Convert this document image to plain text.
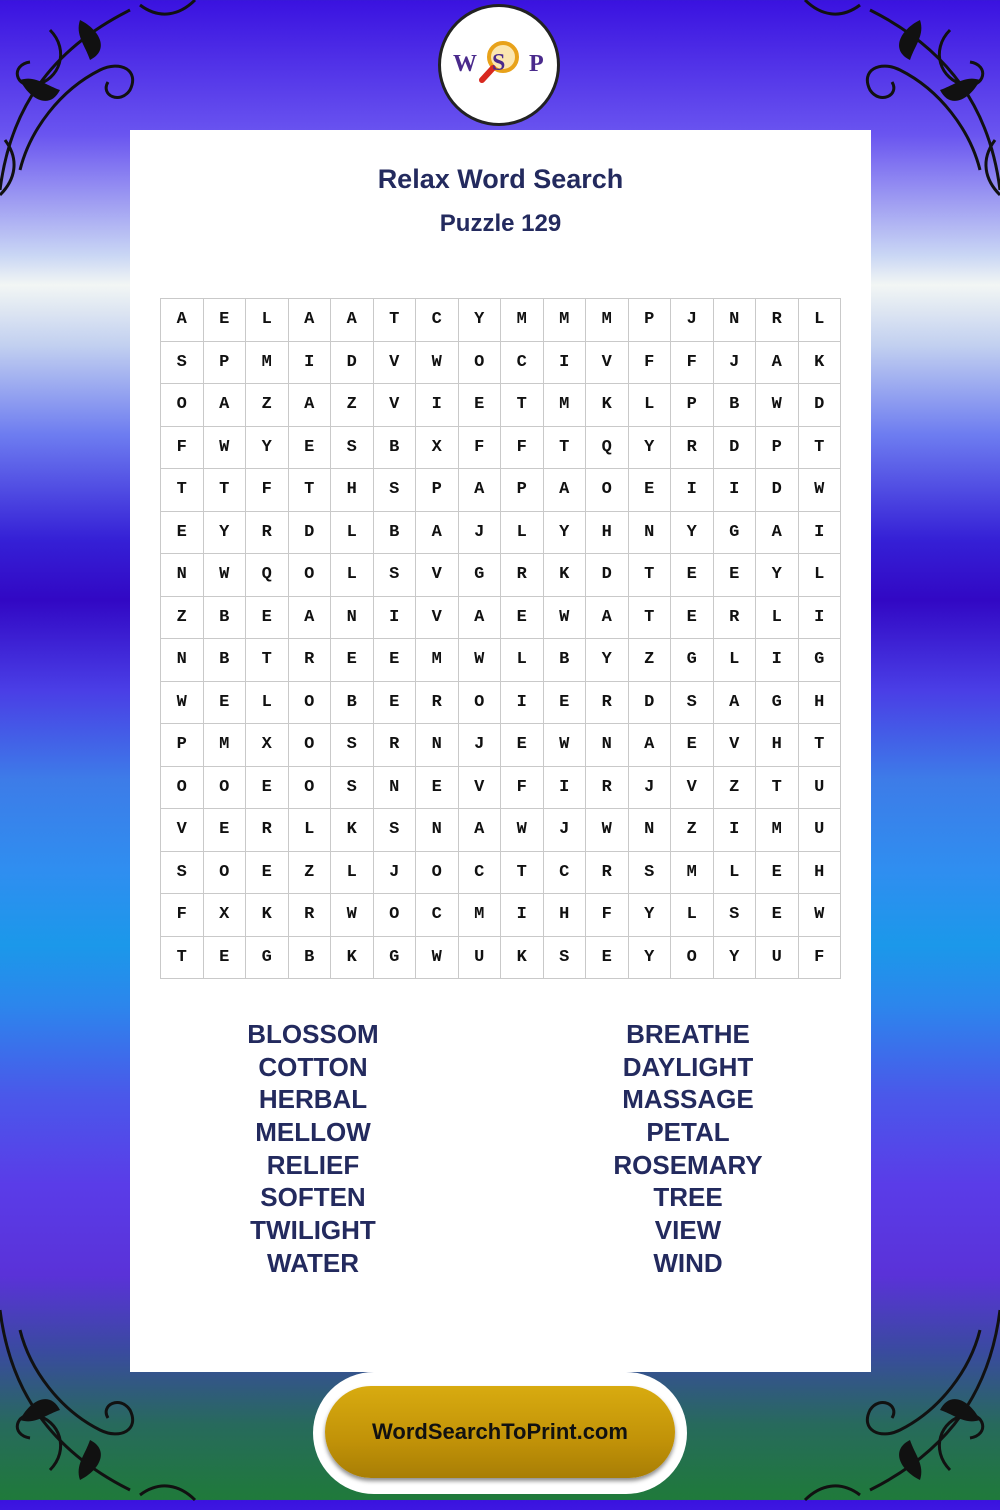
W S P
Relax Word Search
Puzzle 129
A	E	L	A	A	T	C	Y	M	M	M	P	J	N	R	L
S	P	M	I	D	V	W	O	C	I	V	F	F	J	A	K
O	A	Z	A	Z	V	I	E	T	M	K	L	P	B	W	D
F	W	Y	E	S	B	X	F	F	T	Q	Y	R	D	P	T
T	T	F	T	H	S	P	A	P	A	O	E	I	I	D	W
E	Y	R	D	L	B	A	J	L	Y	H	N	Y	G	A	I
N	W	Q	O	L	S	V	G	R	K	D	T	E	E	Y	L
Z	B	E	A	N	I	V	A	E	W	A	T	E	R	L	I
N	B	T	R	E	E	M	W	L	B	Y	Z	G	L	I	G
W	E	L	O	B	E	R	O	I	E	R	D	S	A	G	H
P	M	X	O	S	R	N	J	E	W	N	A	E	V	H	T
O	O	E	O	S	N	E	V	F	I	R	J	V	Z	T	U
V	E	R	L	K	S	N	A	W	J	W	N	Z	I	M	U
S	O	E	Z	L	J	O	C	T	C	R	S	M	L	E	H
F	X	K	R	W	O	C	M	I	H	F	Y	L	S	E	W
T	E	G	B	K	G	W	U	K	S	E	Y	O	Y	U	F
BLOSSOM
COTTON
HERBAL
MELLOW
RELIEF
SOFTEN
TWILIGHT
WATER
BREATHE
DAYLIGHT
MASSAGE
PETAL
ROSEMARY
TREE
VIEW
WIND
WordSearchToPrint.com
